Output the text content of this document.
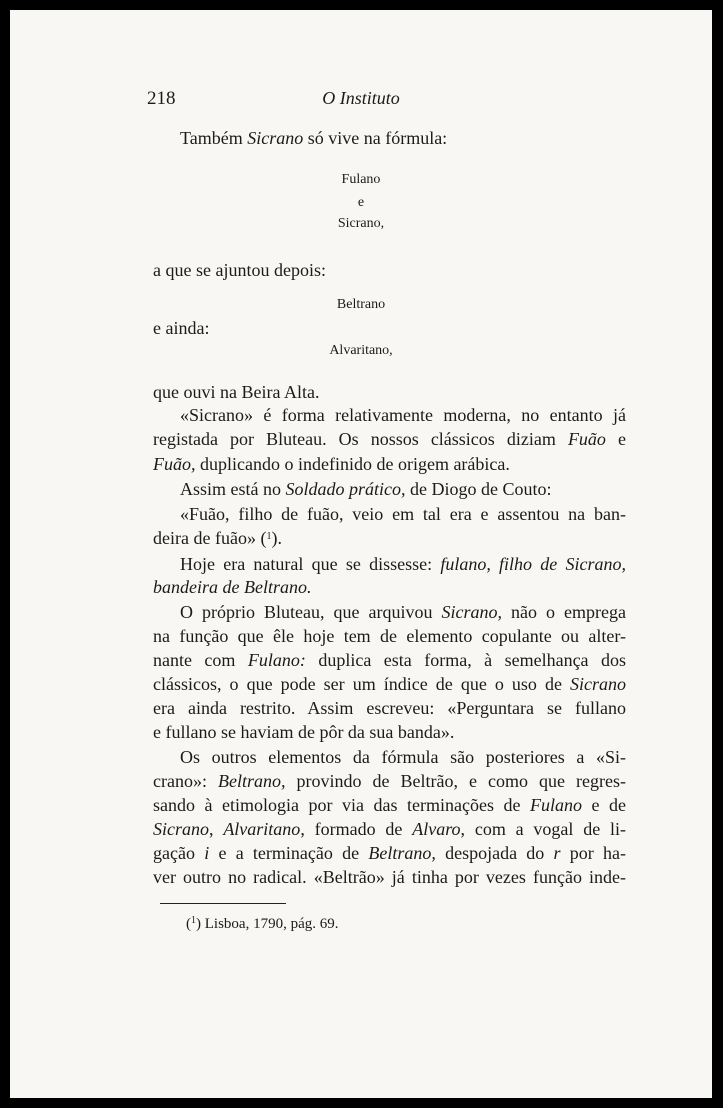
218	O Instituto
Também Sicrano só vive na fórmula:
Fulano
e
Sicrano,
a que se ajuntou depois:
Beltrano
e ainda:
Alvaritano,
que ouvi na Beira Alta.
«Sicrano» é forma relativamente moderna, no entanto já
registada por Bluteau. Os nossos clássicos diziam Fuão e
Fuão, duplicando o indefinido de origem arábica.
Assim está no Soldado prático, de Diogo de Couto:
«Fuão, filho de fuão, veio em tal era e assentou na ban-
deira de fuão» ($^1$).
Hoje era natural que se dissesse: fulano, filho de Sicrano,
bandeira de Beltrano.
O próprio Bluteau, que arquivou Sicrano, não o emprega
na função que êle hoje tem de elemento copulante ou alter-
nante com Fulano: duplica esta forma, à semelhança dos
clássicos, o que pode ser um índice de que o uso de Sicrano
era ainda restrito. Assim escreveu: «Perguntara se fullano
e fullano se haviam de pôr da sua banda».
Os outros elementos da fórmula são posteriores a «Si-
crano»: Beltrano, provindo de Beltrão, e como que regres-
sando à etimologia por via das terminações de Fulano e de
Sicrano, Alvaritano, formado de Alvaro, com a vogal de li-
gação i e a terminação de Beltrano, despojada do r por ha-
ver outro no radical. «Beltrão» já tinha por vezes função inde-
($^1$) Lisboa, 1790, pág. 69.
